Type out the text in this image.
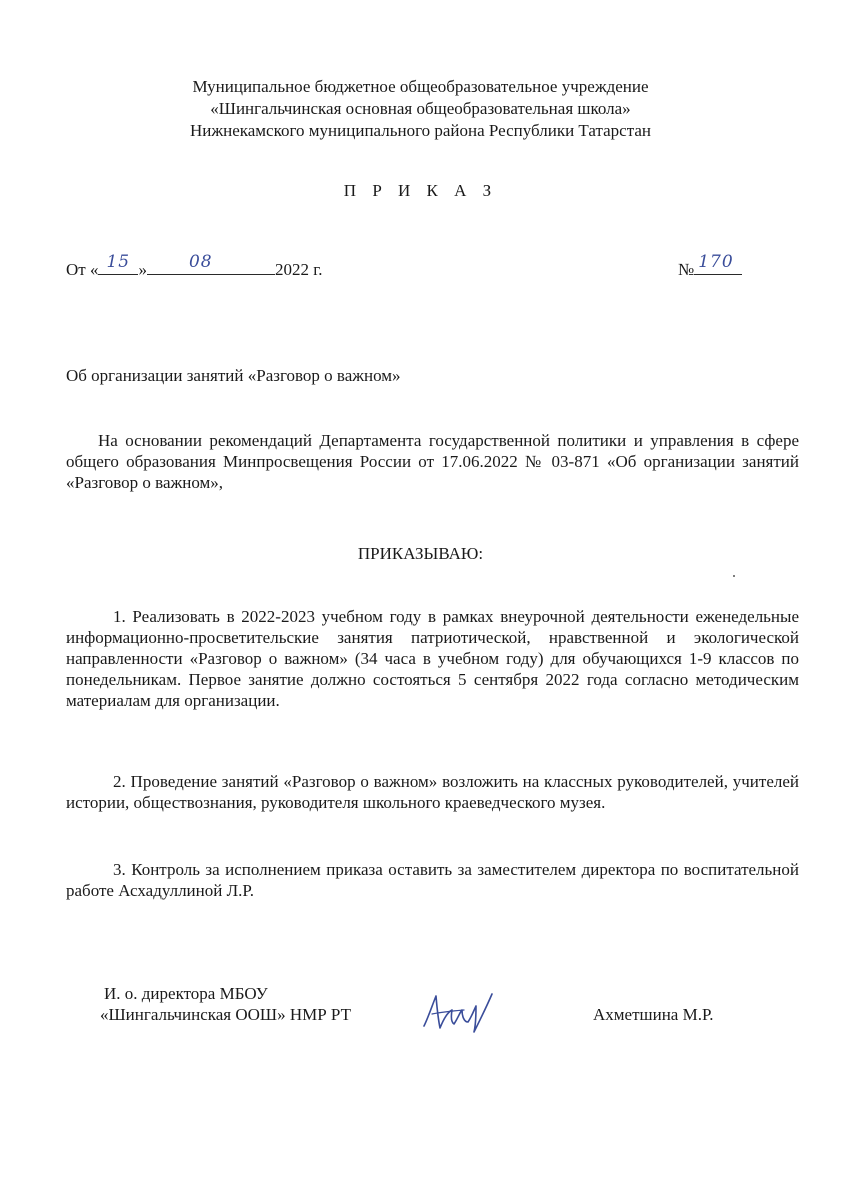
Муниципальное бюджетное общеобразовательное учреждение
«Шингальчинская основная общеобразовательная школа»
Нижнекамского муниципального района Республики Татарстан
П Р И К А З
От « 15 » 08	2022 г.	№ 170
Об организации занятий «Разговор о важном»
На основании рекомендаций Департамента государственной политики и управления в сфере общего образования Минпросвещения России от 17.06.2022 № 03-871 «Об организации занятий «Разговор о важном»,
ПРИКАЗЫВАЮ:
1. Реализовать в 2022-2023 учебном году в рамках внеурочной деятельности еженедельные информационно-просветительские занятия патриотической, нравственной и экологической направленности «Разговор о важном» (34 часа в учебном году) для обучающихся 1-9 классов по понедельникам. Первое занятие должно состояться 5 сентября 2022 года согласно методическим материалам для организации.
2. Проведение занятий «Разговор о важном» возложить на классных руководителей, учителей истории, обществознания, руководителя школьного краеведческого музея.
3. Контроль за исполнением приказа оставить за заместителем директора по воспитательной работе Асхадуллиной Л.Р.
И. о. директора МБОУ
«Шингальчинская ООШ» НМР РТ	Ахметшина М.Р.
